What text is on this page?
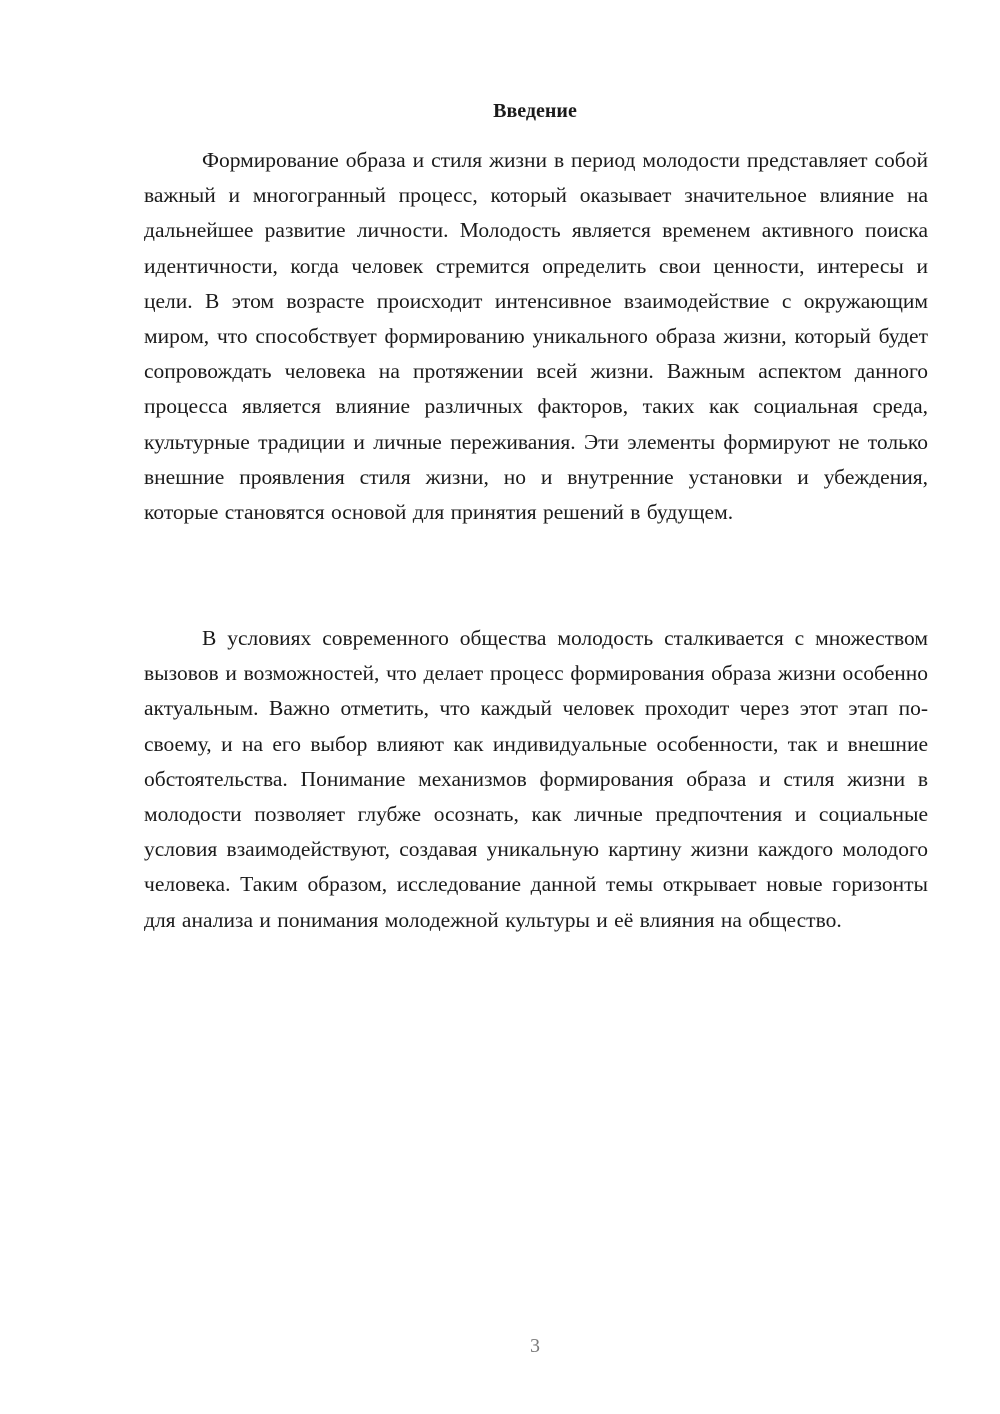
Введение

Формирование образа и стиля жизни в период молодости представляет собой важный и многогранный процесс, который оказывает значительное влияние на дальнейшее развитие личности. Молодость является временем активного поиска идентичности, когда человек стремится определить свои ценности, интересы и цели. В этом возрасте происходит интенсивное взаимодействие с окружающим миром, что способствует формированию уникального образа жизни, который будет сопровождать человека на протяжении всей жизни. Важным аспектом данного процесса является влияние различных факторов, таких как социальная среда, культурные традиции и личные переживания. Эти элементы формируют не только внешние проявления стиля жизни, но и внутренние установки и убеждения, которые становятся основой для принятия решений в будущем.

В условиях современного общества молодость сталкивается с множеством вызовов и возможностей, что делает процесс формирования образа жизни особенно актуальным. Важно отметить, что каждый человек проходит через этот этап по-своему, и на его выбор влияют как индивидуальные особенности, так и внешние обстоятельства. Понимание механизмов формирования образа и стиля жизни в молодости позволяет глубже осознать, как личные предпочтения и социальные условия взаимодействуют, создавая уникальную картину жизни каждого молодого человека. Таким образом, исследование данной темы открывает новые горизонты для анализа и понимания молодежной культуры и её влияния на общество.

3
